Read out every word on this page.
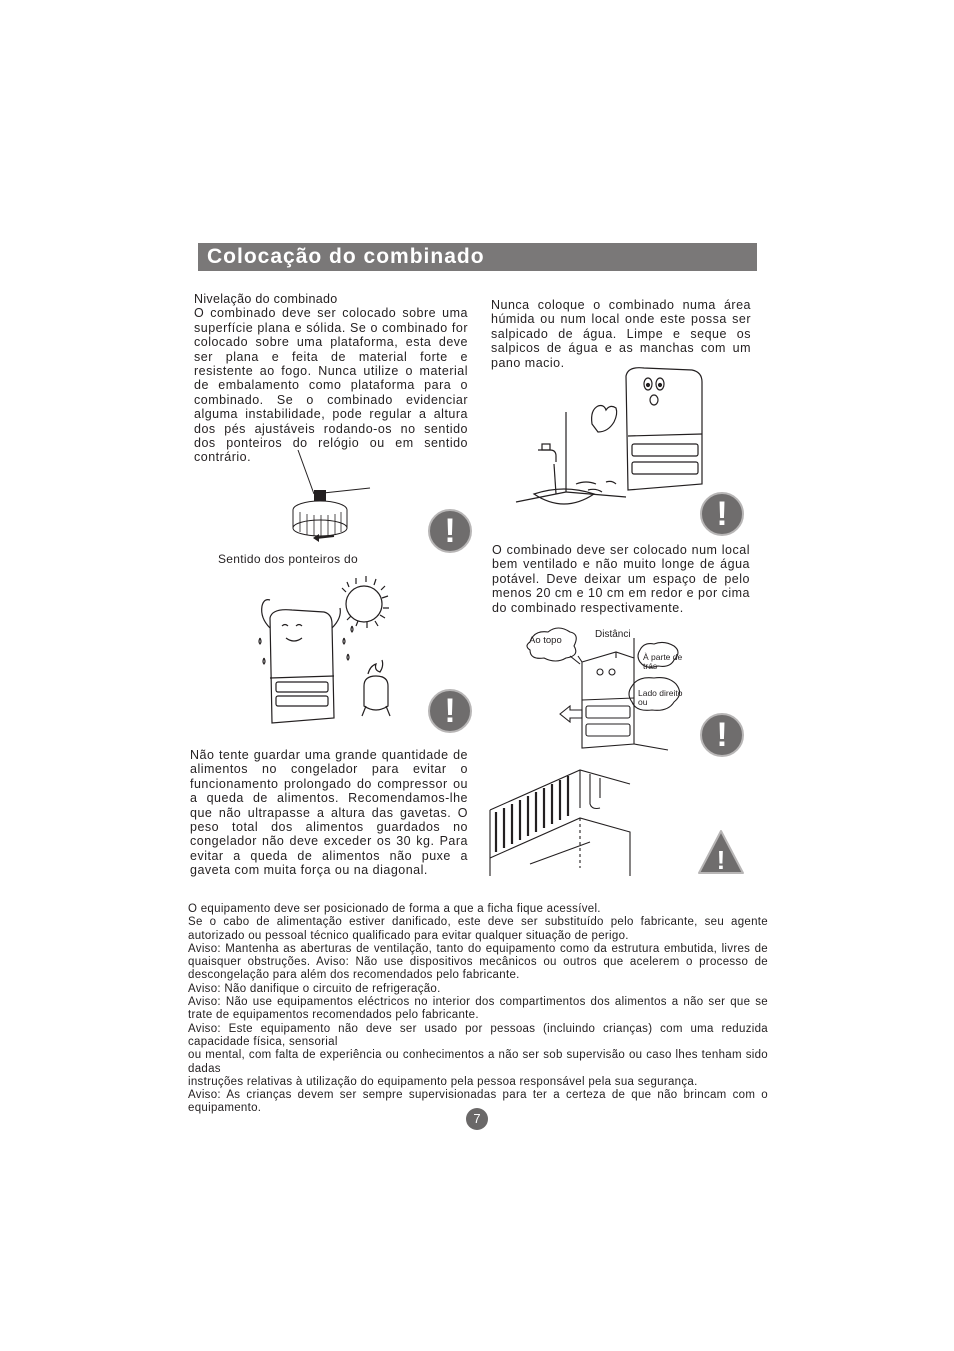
Colocação do combinado

Nivelação do combinado

O combinado deve ser colocado sobre uma superfície plana e sólida. Se o combinado for colocado sobre uma plataforma, esta deve ser plana e feita de material forte e resistente ao fogo. Nunca utilize o material de embalamento como plataforma para o combinado. Se o combinado evidenciar alguma instabilidade, pode regular a altura dos pés ajustáveis rodando-os no sentido dos ponteiros do relógio ou em sentido contrário.

Sentido dos ponteiros do
!
!

Não tente guardar uma grande quantidade de alimentos no congelador para evitar o funcionamento prolongado do compressor ou a queda de alimentos. Recomendamos-lhe que não ultrapasse a altura das gavetas. O peso total dos alimentos guardados no congelador não deve exceder os 30 kg. Para evitar a queda de alimentos não puxe a gaveta com muita força ou na diagonal.

Nunca coloque o combinado numa área húmida ou num local onde este possa ser salpicado de água. Limpe e seque os salpicos de água e as manchas com um pano macio.

!

O combinado deve ser colocado num local bem ventilado e não muito longe de água potável. Deve deixar um espaço de pelo menos 20 cm e 10 cm em redor e por cima do combinado respectivamente.

Ao topo
Distânci
À parte de trás
Lado direito ou
!
!

O equipamento deve ser posicionado de forma a que a ficha fique acessível.

Se o cabo de alimentação estiver danificado, este deve ser substituído pelo fabricante, seu agente autorizado ou pessoal técnico qualificado para evitar qualquer situação de perigo.

Aviso: Mantenha as aberturas de ventilação, tanto do equipamento como da estrutura embutida, livres de quaisquer obstruções. Aviso: Não use dispositivos mecânicos ou outros que acelerem o processo de descongelação para além dos recomendados pelo fabricante.

Aviso: Não danifique o circuito de refrigeração.

Aviso: Não use equipamentos eléctricos no interior dos compartimentos dos alimentos a não ser que se trate de equipamentos recomendados pelo fabricante.

Aviso: Este equipamento não deve ser usado por pessoas (incluindo crianças) com uma reduzida capacidade física, sensorial

ou mental, com falta de experiência ou conhecimentos a não ser sob supervisão ou caso lhes tenham sido dadas

instruções relativas à utilização do equipamento pela pessoa responsável pela sua segurança.

Aviso: As crianças devem ser sempre supervisionadas para ter a certeza de que não brincam com o equipamento.

7
